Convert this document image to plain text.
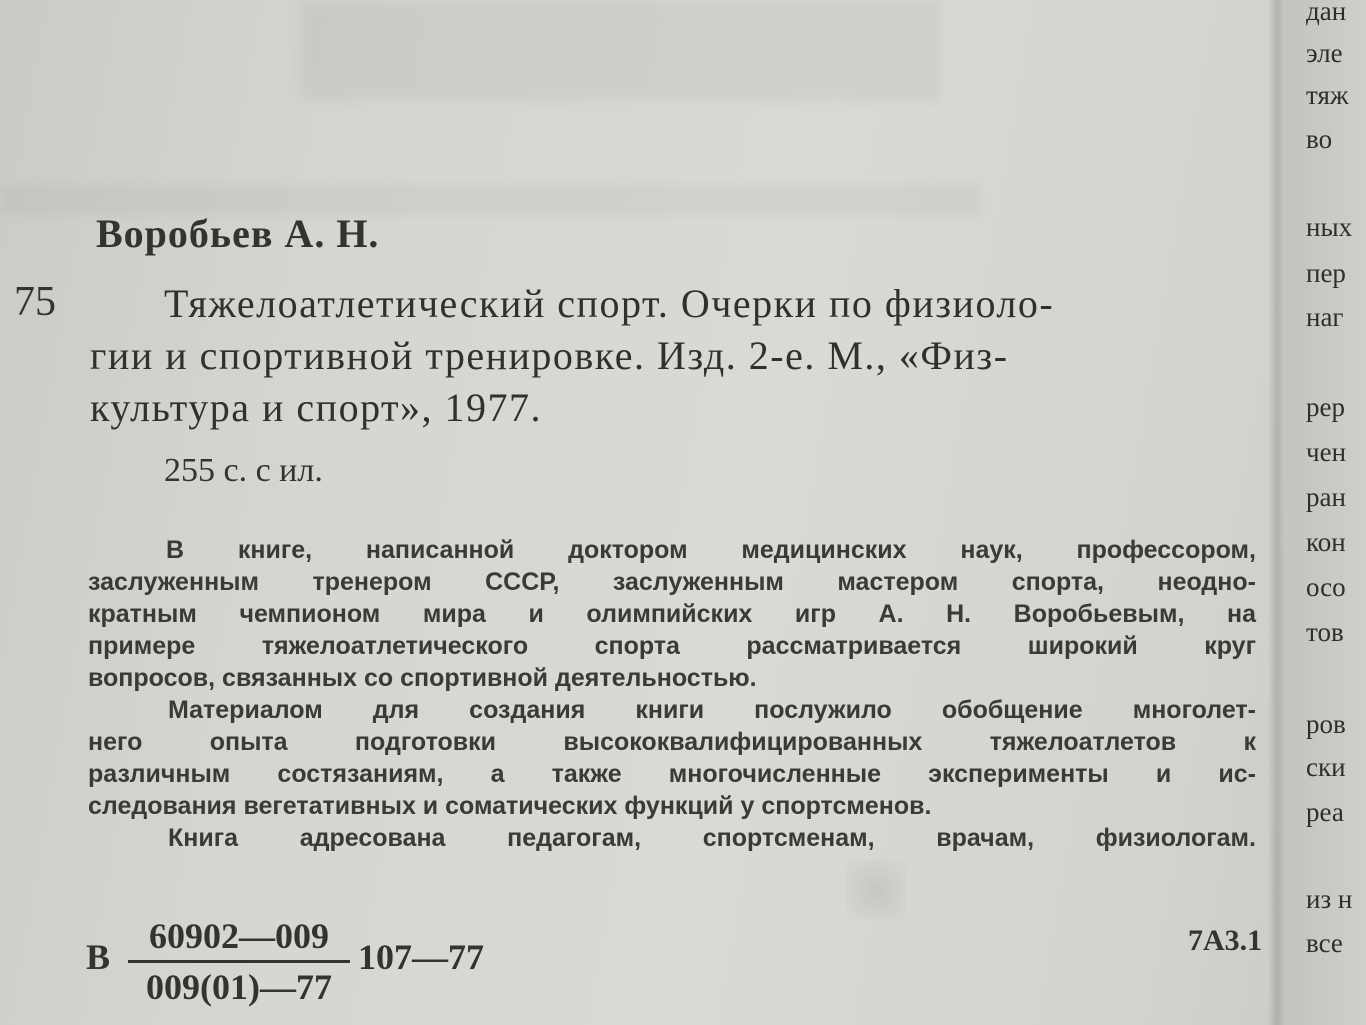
дан
эле
тяж
во
ных
пер
наг
рер
чен
ран
кон
осо
тов
ров
ски
реа
из н
все
Воробьев А. Н.
75	Тяжелоатлетический спорт. Очерки по физиоло-
гии и спортивной тренировке. Изд. 2-е. М., «Физ-
культура и спорт», 1977.
255 с. с ил.
В книге, написанной доктором медицинских наук, профессором,
заслуженным тренером СССР, заслуженным мастером спорта, неодно-
кратным чемпионом мира и олимпийских игр А. Н. Воробьевым, на
примере тяжелоатлетического спорта рассматривается широкий круг
вопросов, связанных со спортивной деятельностью.
Материалом для создания книги послужило обобщение многолет-
него опыта подготовки высококвалифицированных тяжелоатлетов к
различным состязаниям, а также многочисленные эксперименты и ис-
следования вегетативных и соматических функций у спортсменов.
Книга адресована педагогам, спортсменам, врачам, физиологам.
В
60902—009
009(01)—77
107—77	7А3.1
